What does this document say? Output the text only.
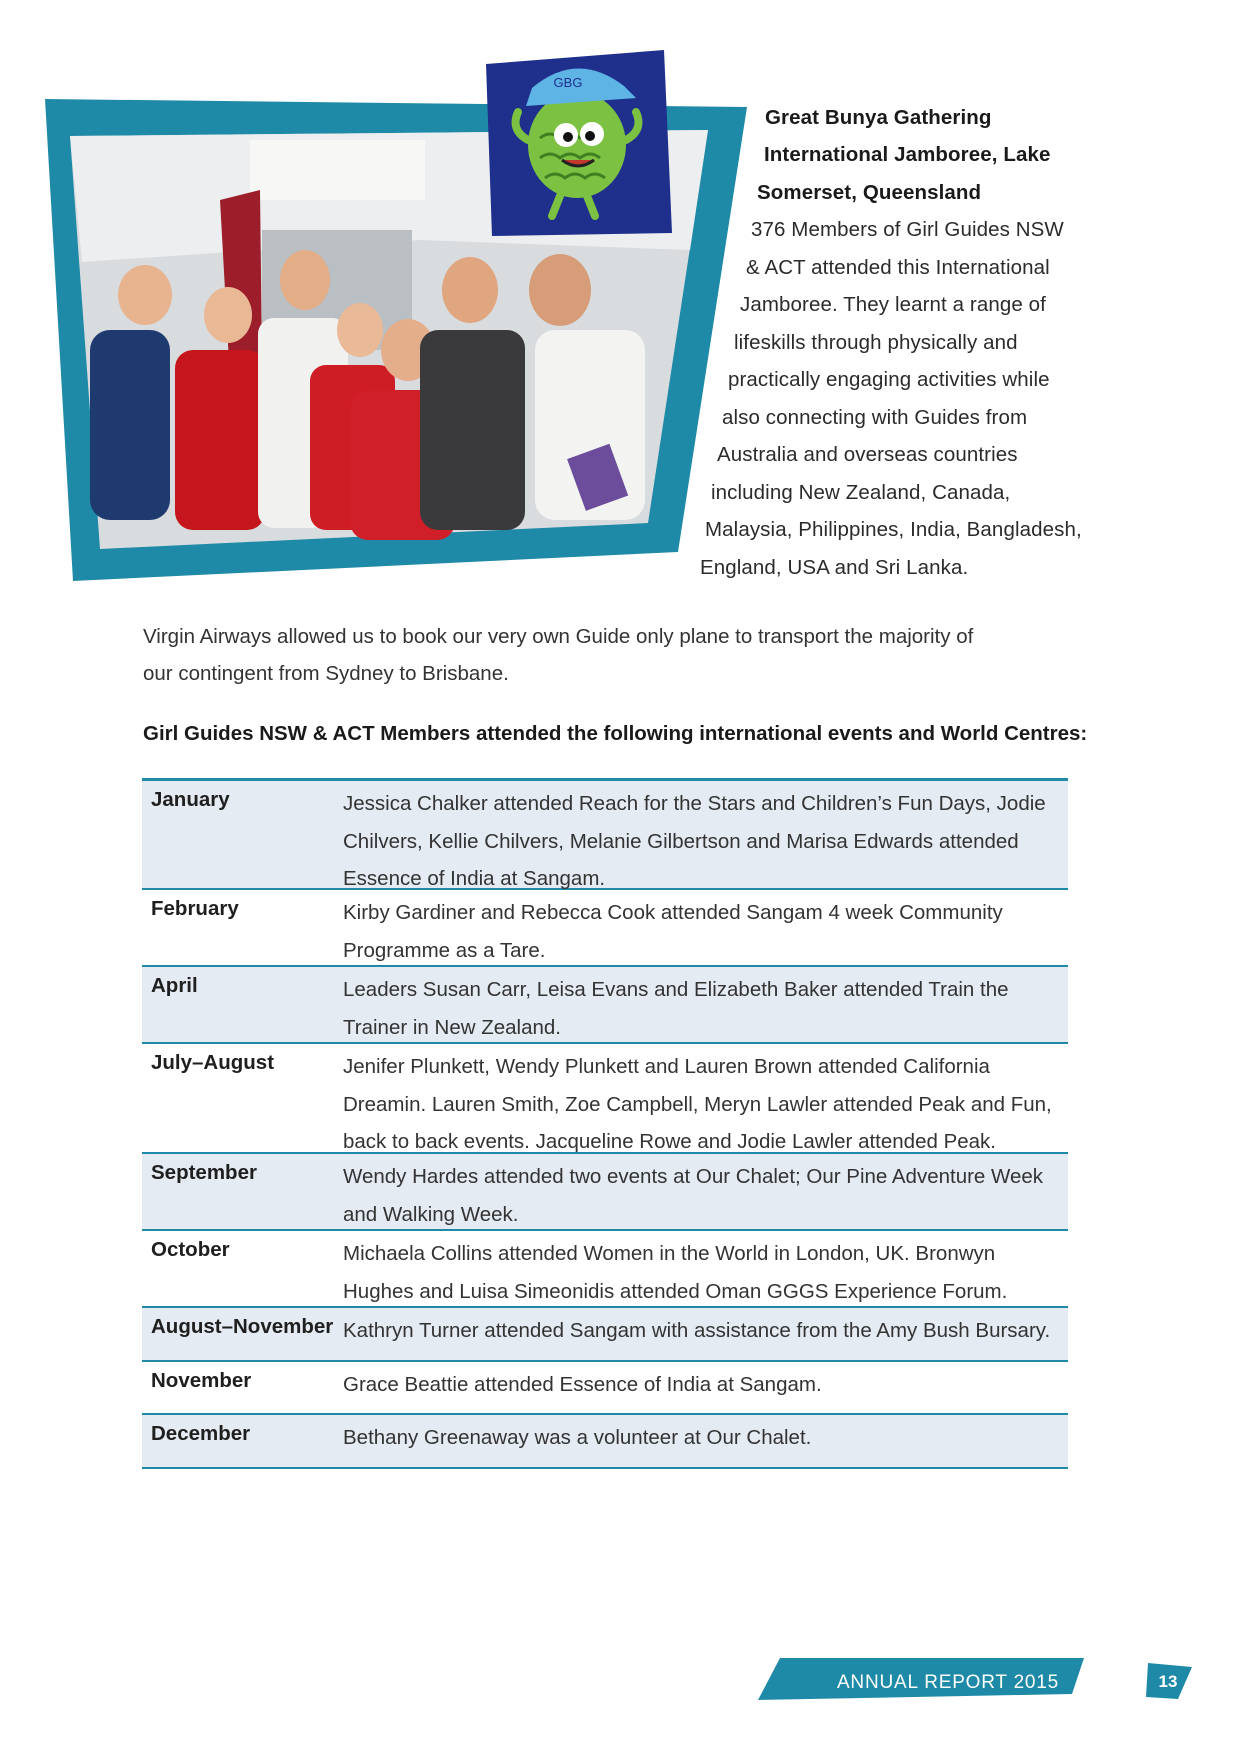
GBG
Great Bunya Gathering
International Jamboree, Lake
Somerset, Queensland
376 Members of Girl Guides NSW
& ACT attended this International
Jamboree. They learnt a range of
lifeskills through physically and
practically engaging activities while
also connecting with Guides from
Australia and overseas countries
including New Zealand, Canada,
Malaysia, Philippines, India, Bangladesh,
England, USA and Sri Lanka.

Virgin Airways allowed us to book our very own Guide only plane to transport the majority of our contingent from Sydney to Brisbane.

Girl Guides NSW & ACT Members attended the following international events and World Centres:
January	Jessica Chalker attended Reach for the Stars and Children’s Fun Days, Jodie Chilvers, Kellie Chilvers, Melanie Gilbertson and Marisa Edwards attended Essence of India at Sangam.
February	Kirby Gardiner and Rebecca Cook attended Sangam 4 week Community Programme as a Tare.
April	Leaders Susan Carr, Leisa Evans and Elizabeth Baker attended Train the Trainer in New Zealand.
July–August	Jenifer Plunkett, Wendy Plunkett and Lauren Brown attended California Dreamin. Lauren Smith, Zoe Campbell, Meryn Lawler attended Peak and Fun, back to back events. Jacqueline Rowe and Jodie Lawler attended Peak.
September	Wendy Hardes attended two events at Our Chalet; Our Pine Adventure Week and Walking Week.
October	Michaela Collins attended Women in the World in London, UK. Bronwyn Hughes and Luisa Simeonidis attended Oman GGGS Experience Forum.
August–November Kathryn Turner attended Sangam with assistance from the Amy Bush Bursary.
November	Grace Beattie attended Essence of India at Sangam.
December	Bethany Greenaway was a volunteer at Our Chalet.
ANNUAL REPORT 2015	13
